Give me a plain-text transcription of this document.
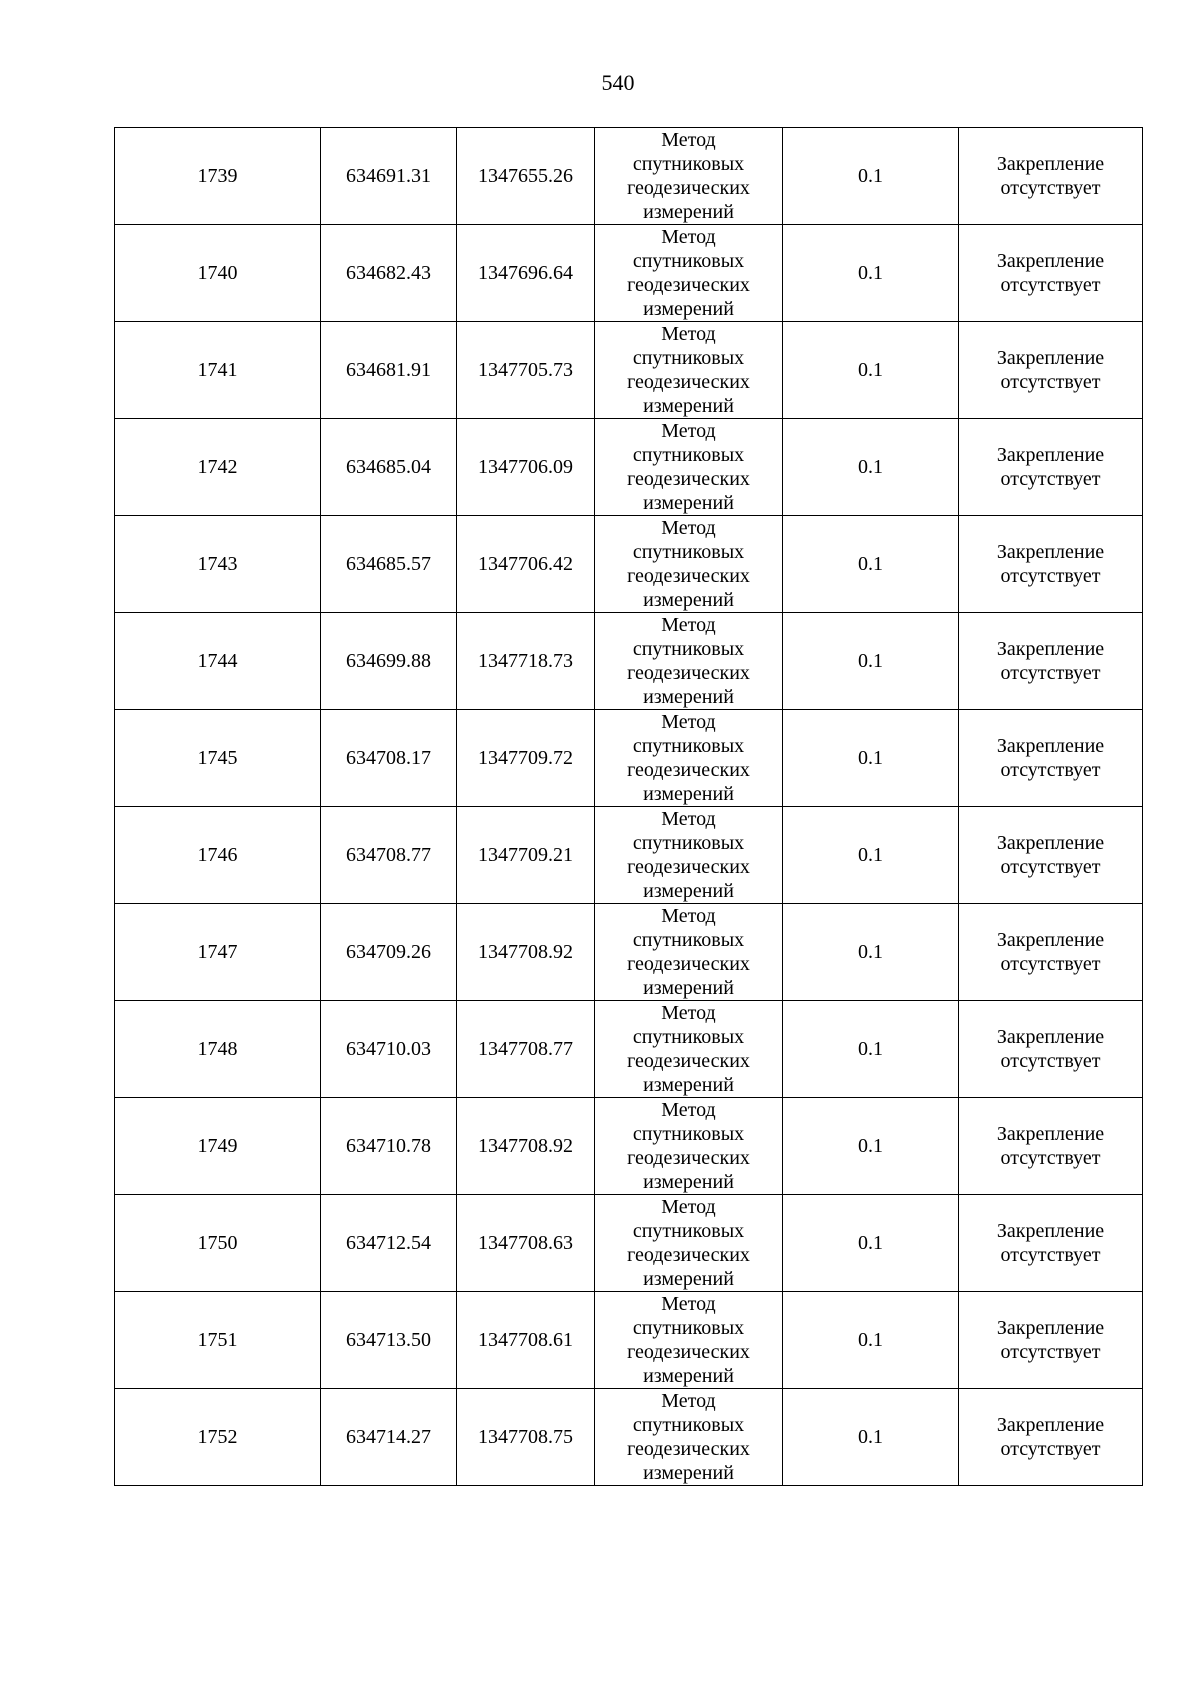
540
1739	634691.31	1347655.26	Метод спутниковых геодезических измерений	0.1	Закрепление отсутствует
1740	634682.43	1347696.64	Метод спутниковых геодезических измерений	0.1	Закрепление отсутствует
1741	634681.91	1347705.73	Метод спутниковых геодезических измерений	0.1	Закрепление отсутствует
1742	634685.04	1347706.09	Метод спутниковых геодезических измерений	0.1	Закрепление отсутствует
1743	634685.57	1347706.42	Метод спутниковых геодезических измерений	0.1	Закрепление отсутствует
1744	634699.88	1347718.73	Метод спутниковых геодезических измерений	0.1	Закрепление отсутствует
1745	634708.17	1347709.72	Метод спутниковых геодезических измерений	0.1	Закрепление отсутствует
1746	634708.77	1347709.21	Метод спутниковых геодезических измерений	0.1	Закрепление отсутствует
1747	634709.26	1347708.92	Метод спутниковых геодезических измерений	0.1	Закрепление отсутствует
1748	634710.03	1347708.77	Метод спутниковых геодезических измерений	0.1	Закрепление отсутствует
1749	634710.78	1347708.92	Метод спутниковых геодезических измерений	0.1	Закрепление отсутствует
1750	634712.54	1347708.63	Метод спутниковых геодезических измерений	0.1	Закрепление отсутствует
1751	634713.50	1347708.61	Метод спутниковых геодезических измерений	0.1	Закрепление отсутствует
1752	634714.27	1347708.75	Метод спутниковых геодезических измерений	0.1	Закрепление отсутствует
